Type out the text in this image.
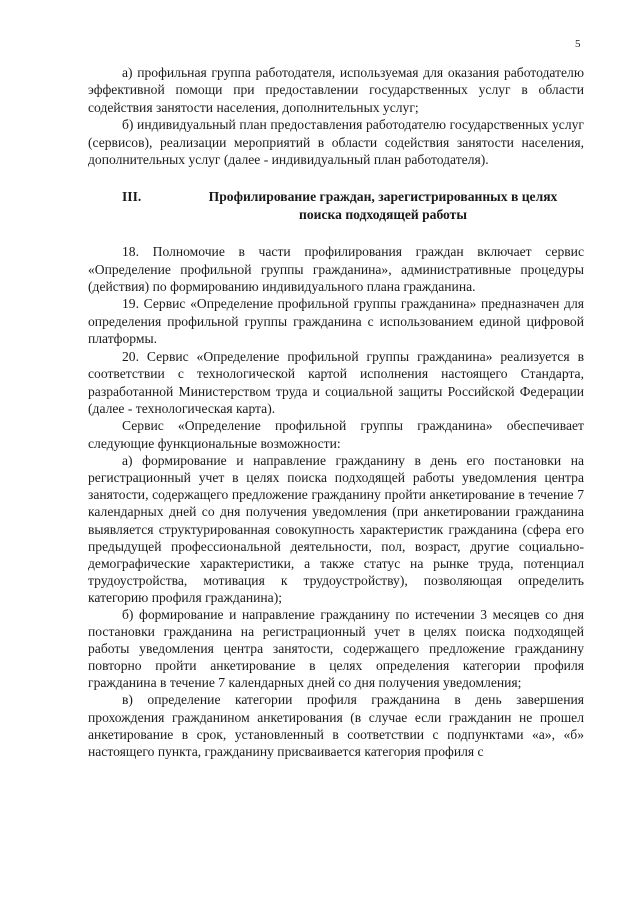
5

а) профильная группа работодателя, используемая для оказания работодателю эффективной помощи при предоставлении государственных услуг в области содействия занятости населения, дополнительных услуг;

б) индивидуальный план предоставления работодателю государственных услуг (сервисов), реализации мероприятий в области содействия занятости населения, дополнительных услуг (далее - индивидуальный план работодателя).

III.	Профилирование граждан, зарегистрированных в целях
поиска подходящей работы

18. Полномочие в части профилирования граждан включает сервис «Определение профильной группы гражданина», административные процедуры (действия) по формированию индивидуального плана гражданина.

19. Сервис «Определение профильной группы гражданина» предназначен для определения профильной группы гражданина с использованием единой цифровой платформы.

20. Сервис «Определение профильной группы гражданина» реализуется в соответствии с технологической картой исполнения настоящего Стандарта, разработанной Министерством труда и социальной защиты Российской Федерации (далее - технологическая карта).

Сервис «Определение профильной группы гражданина» обеспечивает следующие функциональные возможности:

а) формирование и направление гражданину в день его постановки на регистрационный учет в целях поиска подходящей работы уведомления центра занятости, содержащего предложение гражданину пройти анкетирование в течение 7 календарных дней со дня получения уведомления (при анкетировании гражданина выявляется структурированная совокупность характеристик гражданина (сфера его предыдущей профессиональной деятельности, пол, возраст, другие социально-демографические характеристики, а также статус на рынке труда, потенциал трудоустройства, мотивация к трудоустройству), позволяющая определить категорию профиля гражданина);

б) формирование и направление гражданину по истечении 3 месяцев со дня постановки гражданина на регистрационный учет в целях поиска подходящей работы уведомления центра занятости, содержащего предложение гражданину повторно пройти анкетирование в целях определения категории профиля гражданина в течение 7 календарных дней со дня получения уведомления;

в) определение категории профиля гражданина в день завершения прохождения гражданином анкетирования (в случае если гражданин не прошел анкетирование в срок, установленный в соответствии с подпунктами «а», «б» настоящего пункта, гражданину присваивается категория профиля с
